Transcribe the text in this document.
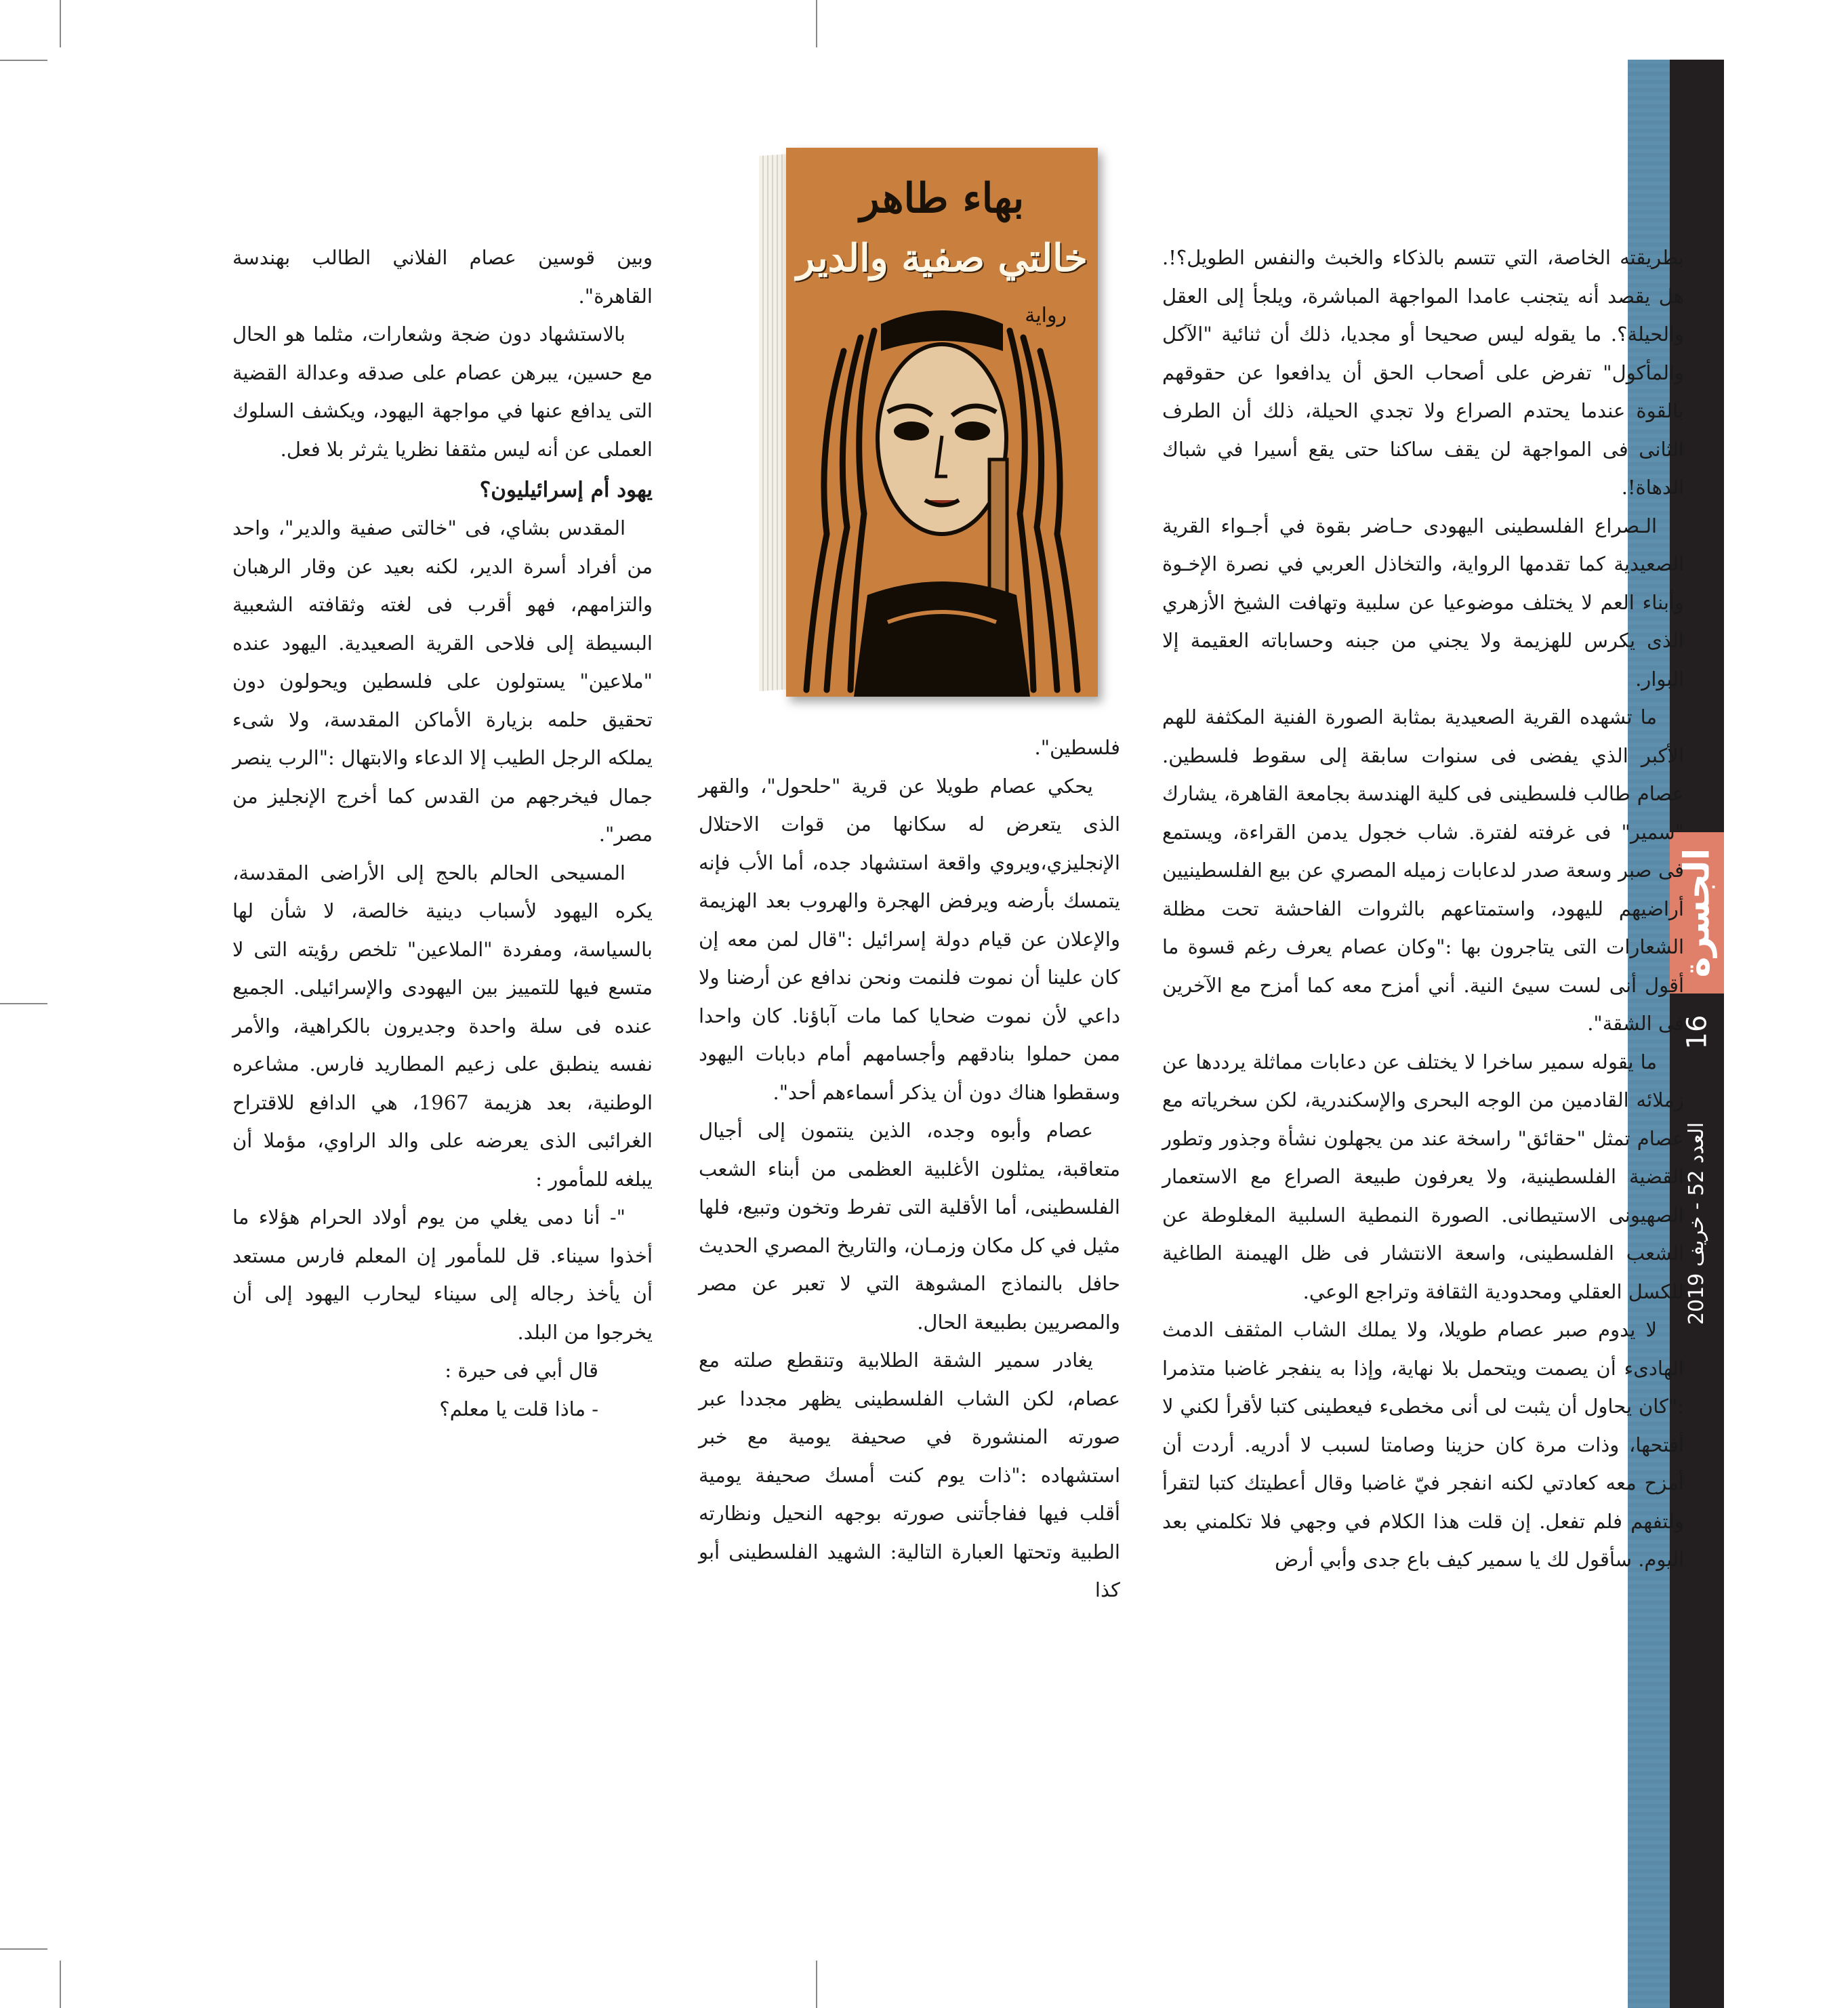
الجسرة
16
العدد 52 - خريف 2019
بهاء طاهر
خالتي صفية والدير
رواية

بطريقته الخاصة، التي تتسم بالذكاء والخبث والنفس الطويل؟!. هل يقصد أنه يتجنب عامدا المواجهة المباشرة، ويلجأ إلى العقل والحيلة؟. ما يقوله ليس صحيحا أو مجديا، ذلك أن ثنائية "الآكل والمأكول" تفرض على أصحاب الحق أن يدافعوا عن حقوقهم بالقوة عندما يحتدم الصراع ولا تجدي الحيلة، ذلك أن الطرف الثانى فى المواجهة لن يقف ساكنا حتى يقع أسيرا في شباك الدهاة!.

الـصراع الفلسطينى اليهودى حـاضر بقوة في أجـواء القرية الصعيدية كما تقدمها الرواية، والتخاذل العربي في نصرة الإخـوة وأبناء العم لا يختلف موضوعيا عن سلبية وتهافت الشيخ الأزهري الذى يكرس للهزيمة ولا يجني من جبنه وحساباته العقيمة إلا البوار.

ما تشهده القرية الصعيدية بمثابة الصورة الفنية المكثفة للهم الأكبر الذي يفضى فى سنوات سابقة إلى سقوط فلسطين. عصام طالب فلسطينى فى كلية الهندسة بجامعة القاهرة، يشارك "سمير" فى غرفته لفترة. شاب خجول يدمن القراءة، ويستمع فى صبر وسعة صدر لدعابات زميله المصري عن بيع الفلسطينيين أراضيهم لليهود، واستمتاعهم بالثروات الفاحشة تحت مظلة الشعارات التى يتاجرون بها :"وكان عصام يعرف رغم قسوة ما أقول أنى لست سيئ النية. أني أمزح معه كما أمزح مع الآخرين فى الشقة".

ما يقوله سمير ساخرا لا يختلف عن دعابات مماثلة يرددها عن زملائه القادمين من الوجه البحرى والإسكندرية، لكن سخرياته مع عصام تمثل "حقائق" راسخة عند من يجهلون نشأة وجذور وتطور القضية الفلسطينية، ولا يعرفون طبيعة الصراع مع الاستعمار الصهيونى الاستيطانى. الصورة النمطية السلبية المغلوطة عن الشعب الفلسطينى، واسعة الانتشار فى ظل الهيمنة الطاغية للكسل العقلي ومحدودية الثقافة وتراجع الوعي.

لا يدوم صبر عصام طويلا، ولا يملك الشاب المثقف الدمث الهادىء أن يصمت ويتحمل بلا نهاية، وإذا به ينفجر غاضبا متذمرا :"كان يحاول أن يثبت لى أنى مخطىء فيعطينى كتبا لأقرأ لكني لا أفتحها، وذات مرة كان حزينا وصامتا لسبب لا أدريه. أردت أن أمزح معه كعادتي لكنه انفجر فيّ غاضبا وقال أعطيتك كتبا لتقرأ ولتفهم فلم تفعل. إن قلت هذا الكلام في وجهي فلا تكلمني بعد اليوم. سأقول لك يا سمير كيف باع جدى وأبي أرض

فلسطين".

يحكي عصام طويلا عن قرية "حلحول"، والقهر الذى يتعرض له سكانها من قوات الاحتلال الإنجليزي،ويروي واقعة استشهاد جده، أما الأب فإنه يتمسك بأرضه ويرفض الهجرة والهروب بعد الهزيمة والإعلان عن قيام دولة إسرائيل :"قال لمن معه إن كان علينا أن نموت فلنمت ونحن ندافع عن أرضنا ولا داعي لأن نموت ضحايا كما مات آباؤنا. كان واحدا ممن حملوا بنادقهم وأجسامهم أمام دبابات اليهود وسقطوا هناك دون أن يذكر أسماءهم أحد".

عصام وأبوه وجده، الذين ينتمون إلى أجيال متعاقبة، يمثلون الأغلبية العظمى من أبناء الشعب الفلسطينى، أما الأقلية التى تفرط وتخون وتبيع، فلها مثيل في كل مكان وزمـان، والتاريخ المصري الحديث حافل بالنماذج المشوهة التي لا تعبر عن مصر والمصريين بطبيعة الحال.

يغادر سمير الشقة الطلابية وتنقطع صلته مع عصام، لكن الشاب الفلسطينى يظهر مجددا عبر صورته المنشورة في صحيفة يومية مع خبر استشهاده :"ذات يوم كنت أمسك صحيفة يومية أقلب فيها ففاجأتنى صورته بوجهه النحيل ونظارته الطبية وتحتها العبارة التالية: الشهيد الفلسطينى أبو كذا

وبين قوسين عصام الفلاني الطالب بهندسة القاهرة".

بالاستشهاد دون ضجة وشعارات، مثلما هو الحال مع حسين، يبرهن عصام على صدقه وعدالة القضية التى يدافع عنها في مواجهة اليهود، ويكشف السلوك العملى عن أنه ليس مثقفا نظريا يثرثر بلا فعل.

يهود أم إسرائيليون؟

المقدس بشاي، فى "خالتى صفية والدير"، واحد من أفراد أسرة الدير، لكنه بعيد عن وقار الرهبان والتزامهم، فهو أقرب فى لغته وثقافته الشعبية البسيطة إلى فلاحى القرية الصعيدية. اليهود عنده "ملاعين" يستولون على فلسطين ويحولون دون تحقيق حلمه بزيارة الأماكن المقدسة، ولا شىء يملكه الرجل الطيب إلا الدعاء والابتهال :"الرب ينصر جمال فيخرجهم من القدس كما أخرج الإنجليز من مصر".

المسيحى الحالم بالحج إلى الأراضى المقدسة، يكره اليهود لأسباب دينية خالصة، لا شأن لها بالسياسة، ومفردة "الملاعين" تلخص رؤيته التى لا متسع فيها للتمييز بين اليهودى والإسرائيلى. الجميع عنده فى سلة واحدة وجديرون بالكراهية، والأمر نفسه ينطبق على زعيم المطاريد فارس. مشاعره الوطنية، بعد هزيمة 1967، هي الدافع للاقتراح الغرائبى الذى يعرضه على والد الراوي، مؤملا أن يبلغه للمأمور :

"- أنا دمى يغلي من يوم أولاد الحرام هؤلاء ما أخذوا سيناء. قل للمأمور إن المعلم فارس مستعد أن يأخذ رجاله إلى سيناء ليحارب اليهود إلى أن يخرجوا من البلد.

قال أبي فى حيرة :

- ماذا قلت يا معلم؟
